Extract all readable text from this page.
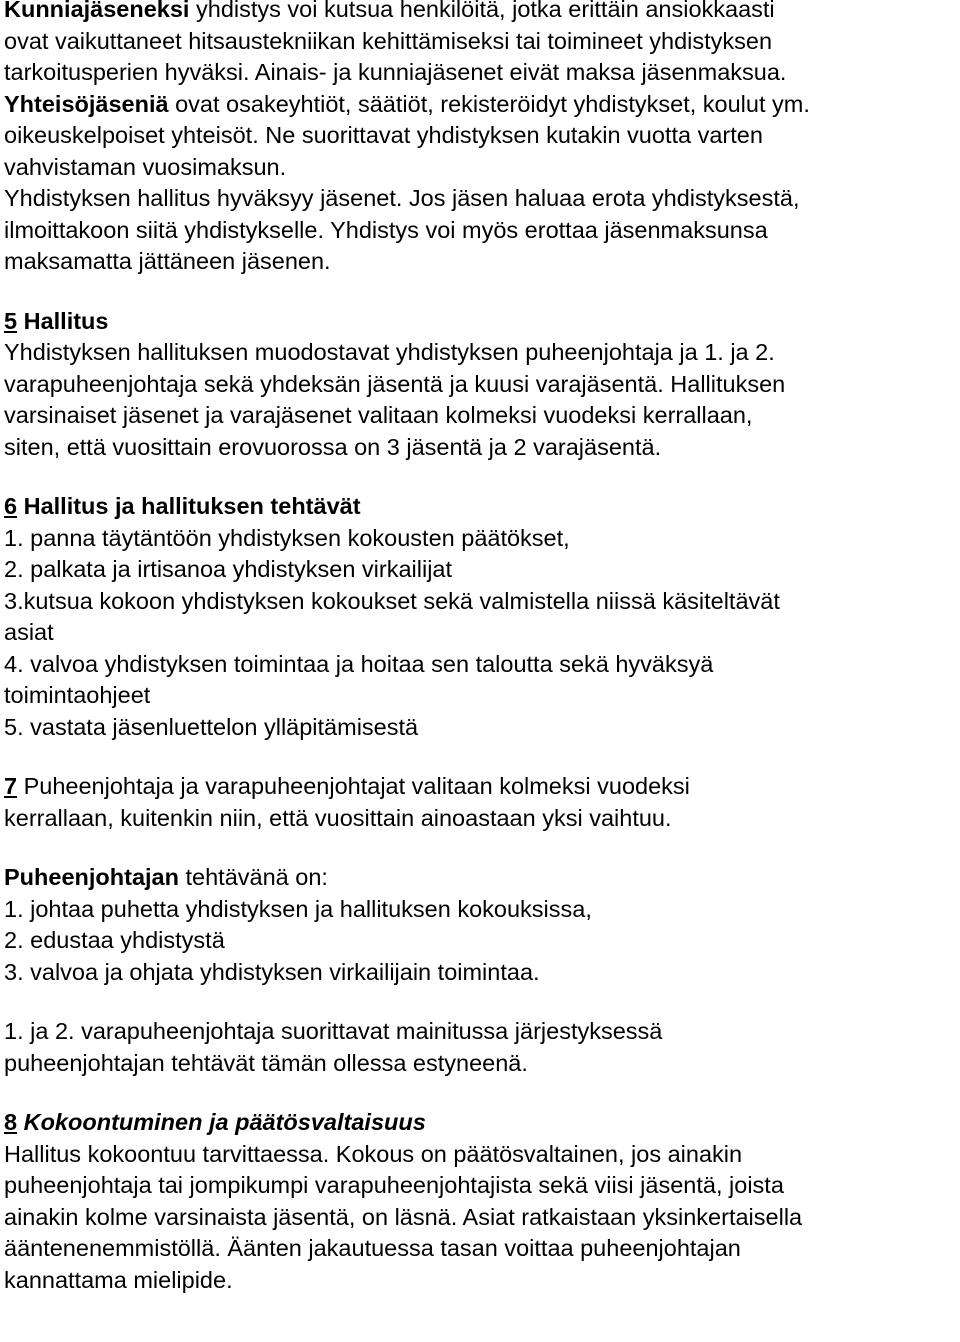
Kunniajäseneksi yhdistys voi kutsua henkilöitä, jotka erittäin ansiokkaasti
ovat vaikuttaneet hitsaustekniikan kehittämiseksi tai toimineet yhdistyksen
tarkoitusperien hyväksi. Ainais- ja kunniajäsenet eivät maksa jäsenmaksua.
Yhteisöjäseniä ovat osakeyhtiöt, säätiöt, rekisteröidyt yhdistykset, koulut ym.
oikeuskelpoiset yhteisöt. Ne suorittavat yhdistyksen kutakin vuotta varten
vahvistaman vuosimaksun.
Yhdistyksen hallitus hyväksyy jäsenet. Jos jäsen haluaa erota yhdistyksestä,
ilmoittakoon siitä yhdistykselle. Yhdistys voi myös erottaa jäsenmaksunsa
maksamatta jättäneen jäsenen.

5 Hallitus
Yhdistyksen hallituksen muodostavat yhdistyksen puheenjohtaja ja 1. ja 2.
varapuheenjohtaja sekä yhdeksän jäsentä ja kuusi varajäsentä. Hallituksen
varsinaiset jäsenet ja varajäsenet valitaan kolmeksi vuodeksi kerrallaan,
siten, että vuosittain erovuorossa on 3 jäsentä ja 2 varajäsentä.

6 Hallitus ja hallituksen tehtävät
1. panna täytäntöön yhdistyksen kokousten päätökset,
2. palkata ja irtisanoa yhdistyksen virkailijat
3.kutsua kokoon yhdistyksen kokoukset sekä valmistella niissä käsiteltävät
asiat
4. valvoa yhdistyksen toimintaa ja hoitaa sen taloutta sekä hyväksyä
toimintaohjeet
5. vastata jäsenluettelon ylläpitämisestä

7 Puheenjohtaja ja varapuheenjohtajat valitaan kolmeksi vuodeksi
kerrallaan, kuitenkin niin, että vuosittain ainoastaan yksi vaihtuu.

Puheenjohtajan tehtävänä on:
1. johtaa puhetta yhdistyksen ja hallituksen kokouksissa,
2. edustaa yhdistystä
3. valvoa ja ohjata yhdistyksen virkailijain toimintaa.

1. ja 2. varapuheenjohtaja suorittavat mainitussa järjestyksessä
puheenjohtajan tehtävät tämän ollessa estyneenä.

8 Kokoontuminen ja päätösvaltaisuus
Hallitus kokoontuu tarvittaessa. Kokous on päätösvaltainen, jos ainakin
puheenjohtaja tai jompikumpi varapuheenjohtajista sekä viisi jäsentä, joista
ainakin kolme varsinaista jäsentä, on läsnä. Asiat ratkaistaan yksinkertaisella
ääntenenemmistöllä. Äänten jakautuessa tasan voittaa puheenjohtajan
kannattama mielipide.
